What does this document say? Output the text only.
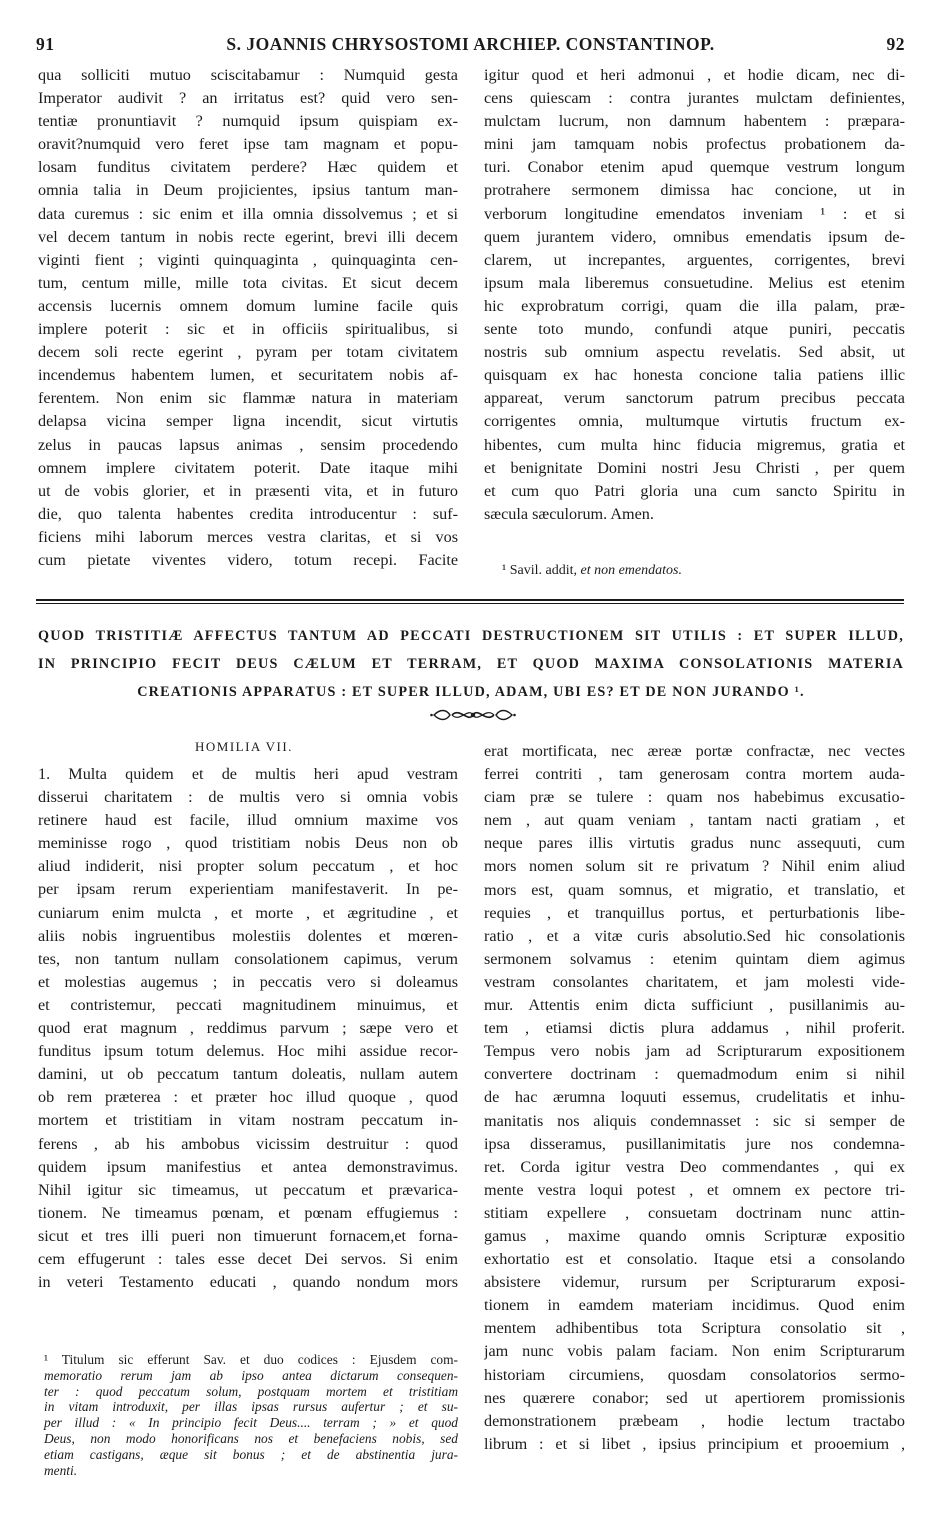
91	S. JOANNIS CHRYSOSTOMI ARCHIEP. CONSTANTINOP.	92
qua solliciti mutuo sciscitabamur : Numquid gesta
Imperator audivit ? an irritatus est? quid vero sen-
tentiæ pronuntiavit ? numquid ipsum quispiam ex-
oravit?numquid vero feret ipse tam magnam et popu-
losam funditus civitatem perdere? Hæc quidem et
omnia talia in Deum projicientes, ipsius tantum man-
data curemus : sic enim et illa omnia dissolvemus ; et si
vel decem tantum in nobis recte egerint, brevi illi decem
viginti fient ; viginti quinquaginta , quinquaginta cen-
tum, centum mille, mille tota civitas. Et sicut decem
accensis lucernis omnem domum lumine facile quis
implere poterit : sic et in officiis spiritualibus, si
decem soli recte egerint , pyram per totam civitatem
incendemus habentem lumen, et securitatem nobis af-
ferentem. Non enim sic flammæ natura in materiam
delapsa vicina semper ligna incendit, sicut virtutis
zelus in paucas lapsus animas , sensim procedendo
omnem implere civitatem poterit. Date itaque mihi
ut de vobis glorier, et in præsenti vita, et in futuro
die, quo talenta habentes credita introducentur : suf-
ficiens mihi laborum merces vestra claritas, et si vos
cum pietate viventes videro, totum recepi. Facite
igitur quod et heri admonui , et hodie dicam, nec di-
cens quiescam : contra jurantes mulctam definientes,
mulctam lucrum, non damnum habentem : præpara-
mini jam tamquam nobis profectus probationem da-
turi. Conabor etenim apud quemque vestrum longum
protrahere sermonem dimissa hac concione, ut in
verborum longitudine emendatos inveniam ¹ : et si
quem jurantem videro, omnibus emendatis ipsum de-
clarem, ut increpantes, arguentes, corrigentes, brevi
ipsum mala liberemus consuetudine. Melius est etenim
hic exprobratum corrigi, quam die illa palam, præ-
sente toto mundo, confundi atque puniri, peccatis
nostris sub omnium aspectu revelatis. Sed absit, ut
quisquam ex hac honesta concione talia patiens illic
appareat, verum sanctorum patrum precibus peccata
corrigentes omnia, multumque virtutis fructum ex-
hibentes, cum multa hinc fiducia migremus, gratia et
et benignitate Domini nostri Jesu Christi , per quem
et cum quo Patri gloria una cum sancto Spiritu in
sæcula sæculorum. Amen.
¹ Savil. addit, et non emendatos.
QUOD TRISTITIÆ AFFECTUS TANTUM AD PECCATI DESTRUCTIONEM SIT UTILIS : ET SUPER ILLUD,
IN PRINCIPIO FECIT DEUS CÆLUM ET TERRAM, ET QUOD MAXIMA CONSOLATIONIS MATERIA
CREATIONIS APPARATUS : ET SUPER ILLUD, ADAM, UBI ES? ET DE NON JURANDO ¹.
HOMILIA VII.
1. Multa quidem et de multis heri apud vestram
disserui charitatem : de multis vero si omnia vobis
retinere haud est facile, illud omnium maxime vos
meminisse rogo , quod tristitiam nobis Deus non ob
aliud indiderit, nisi propter solum peccatum , et hoc
per ipsam rerum experientiam manifestaverit. In pe-
cuniarum enim mulcta , et morte , et ægritudine , et
aliis nobis ingruentibus molestiis dolentes et mœren-
tes, non tantum nullam consolationem capimus, verum
et molestias augemus ; in peccatis vero si doleamus
et contristemur, peccati magnitudinem minuimus, et
quod erat magnum , reddimus parvum ; sæpe vero et
funditus ipsum totum delemus. Hoc mihi assidue recor-
damini, ut ob peccatum tantum doleatis, nullam autem
ob rem præterea : et præter hoc illud quoque , quod
mortem et tristitiam in vitam nostram peccatum in-
ferens , ab his ambobus vicissim destruitur : quod
quidem ipsum manifestius et antea demonstravimus.
Nihil igitur sic timeamus, ut peccatum et prævarica-
tionem. Ne timeamus pœnam, et pœnam effugiemus :
sicut et tres illi pueri non timuerunt fornacem,et forna-
cem effugerunt : tales esse decet Dei servos. Si enim
in veteri Testamento educati , quando nondum mors
erat mortificata, nec æreæ portæ confractæ, nec vectes
ferrei contriti , tam generosam contra mortem auda-
ciam præ se tulere : quam nos habebimus excusatio-
nem , aut quam veniam , tantam nacti gratiam , et
neque pares illis virtutis gradus nunc assequuti, cum
mors nomen solum sit re privatum ? Nihil enim aliud
mors est, quam somnus, et migratio, et translatio, et
requies , et tranquillus portus, et perturbationis libe-
ratio , et a vitæ curis absolutio.Sed hic consolationis
sermonem solvamus : etenim quintam diem agimus
vestram consolantes charitatem, et jam molesti vide-
mur. Attentis enim dicta sufficiunt , pusillanimis au-
tem , etiamsi dictis plura addamus , nihil proferit.
Tempus vero nobis jam ad Scripturarum expositionem
convertere doctrinam : quemadmodum enim si nihil
de hac ærumna loquuti essemus, crudelitatis et inhu-
manitatis nos aliquis condemnasset : sic si semper de
ipsa disseramus, pusillanimitatis jure nos condemna-
ret. Corda igitur vestra Deo commendantes , qui ex
mente vestra loqui potest , et omnem ex pectore tri-
stitiam expellere , consuetam doctrinam nunc attin-
gamus , maxime quando omnis Scripturæ expositio
exhortatio est et consolatio. Itaque etsi a consolando
absistere videmur, rursum per Scripturarum exposi-
tionem in eamdem materiam incidimus. Quod enim
mentem adhibentibus tota Scriptura consolatio sit ,
jam nunc vobis palam faciam. Non enim Scripturarum
historiam circumiens, quosdam consolatorios sermo-
nes quærere conabor; sed ut apertiorem promissionis
demonstrationem præbeam , hodie lectum tractabo
librum : et si libet , ipsius principium et prooemium ,
¹ Titulum sic efferunt Sav. et duo codices : Ejusdem com-
memoratio rerum jam ab ipso antea dictarum consequen-
ter : quod peccatum solum, postquam mortem et tristitiam
in vitam introduxit, per illas ipsas rursus aufertur ; et su-
per illud : « In principio fecit Deus.... terram ; » et quod
Deus, non modo honorificans nos et benefaciens nobis, sed
etiam castigans, æque sit bonus ; et de abstinentia jura-
menti.
